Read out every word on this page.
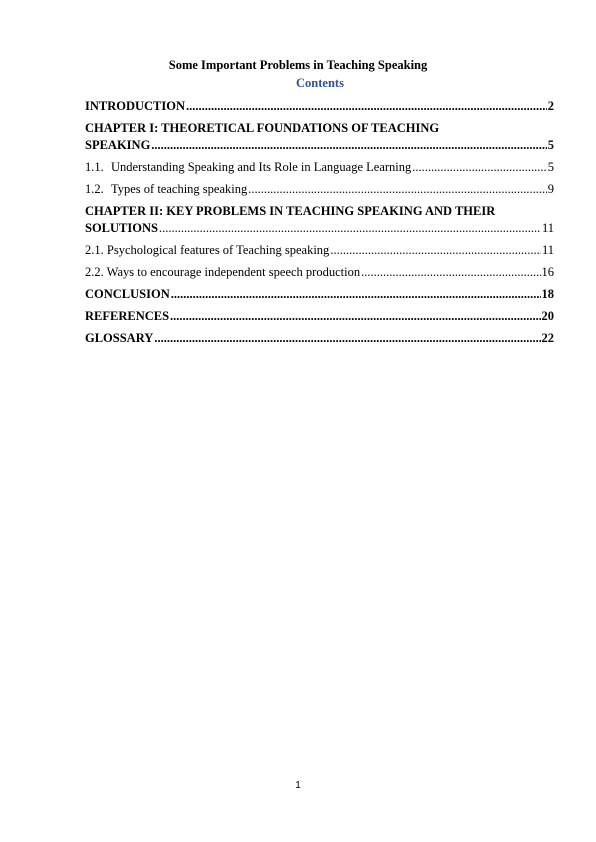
Some Important Problems in Teaching Speaking
Contents
INTRODUCTION .....	2
CHAPTER I: THEORETICAL FOUNDATIONS OF TEACHING
SPEAKING .....	5
1.1. Understanding Speaking and Its Role in Language Learning .....	5
1.2. Types of teaching speaking .....	9
CHAPTER II: KEY PROBLEMS IN TEACHING SPEAKING AND THEIR
SOLUTIONS .....	11
2.1. Psychological features of Teaching speaking .....	11
2.2. Ways to encourage independent speech production .....	16
CONCLUSION .....	18
REFERENCES .....	20
GLOSSARY .....	22
1
